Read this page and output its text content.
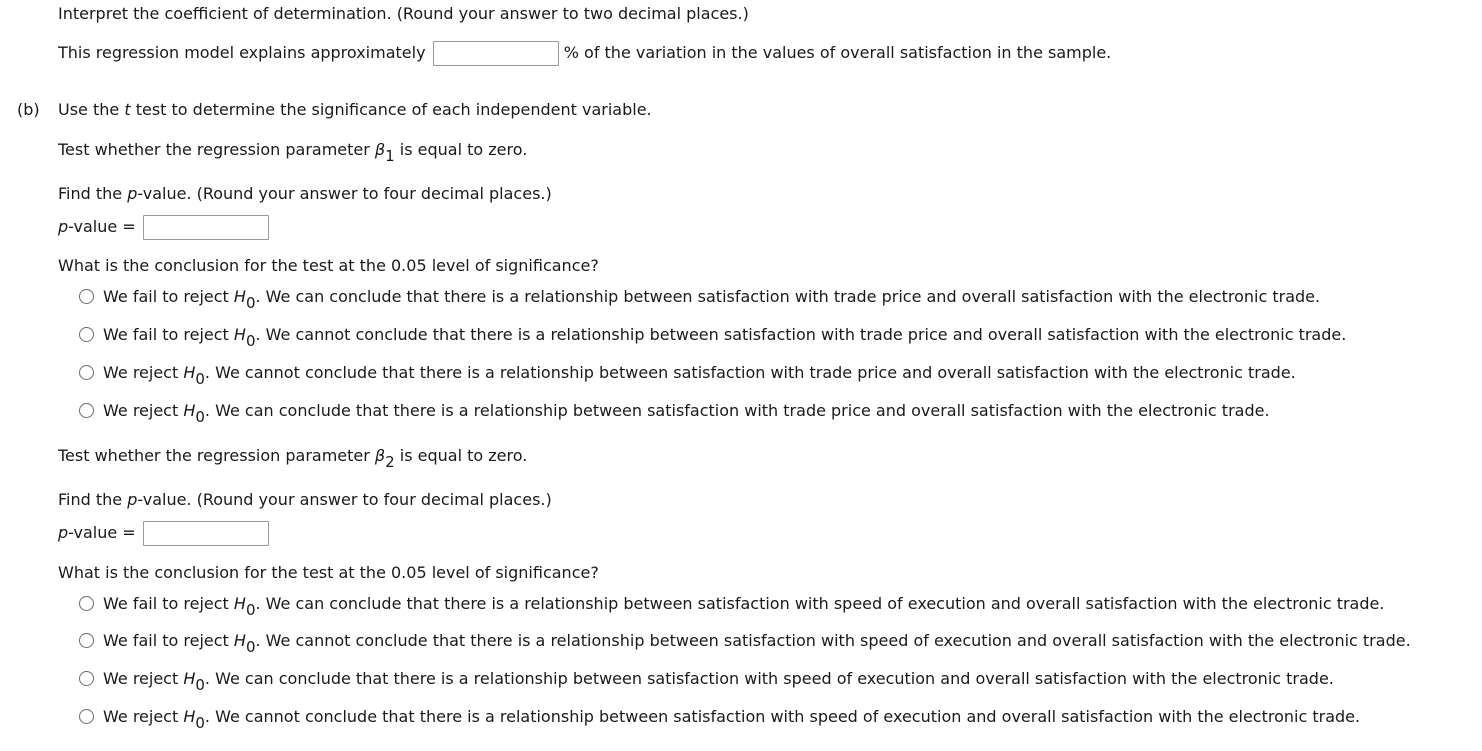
Interpret the coefficient of determination. (Round your answer to two decimal places.)
This regression model explains approximately	% of the variation in the values of overall satisfaction in the sample.
(b) Use the t test to determine the significance of each independent variable.
Test whether the regression parameter $\beta_1$ is equal to zero.
Find the p-value. (Round your answer to four decimal places.)
p-value =
What is the conclusion for the test at the 0.05 level of significance?
We fail to reject $H_0$. We can conclude that there is a relationship between satisfaction with trade price and overall satisfaction with the electronic trade.
We fail to reject $H_0$. We cannot conclude that there is a relationship between satisfaction with trade price and overall satisfaction with the electronic trade.
We reject $H_0$. We cannot conclude that there is a relationship between satisfaction with trade price and overall satisfaction with the electronic trade.
We reject $H_0$. We can conclude that there is a relationship between satisfaction with trade price and overall satisfaction with the electronic trade.
Test whether the regression parameter $\beta_2$ is equal to zero.
Find the p-value. (Round your answer to four decimal places.)
p-value =
What is the conclusion for the test at the 0.05 level of significance?
We fail to reject $H_0$. We can conclude that there is a relationship between satisfaction with speed of execution and overall satisfaction with the electronic trade.
We fail to reject $H_0$. We cannot conclude that there is a relationship between satisfaction with speed of execution and overall satisfaction with the electronic trade.
We reject $H_0$. We can conclude that there is a relationship between satisfaction with speed of execution and overall satisfaction with the electronic trade.
We reject $H_0$. We cannot conclude that there is a relationship between satisfaction with speed of execution and overall satisfaction with the electronic trade.
